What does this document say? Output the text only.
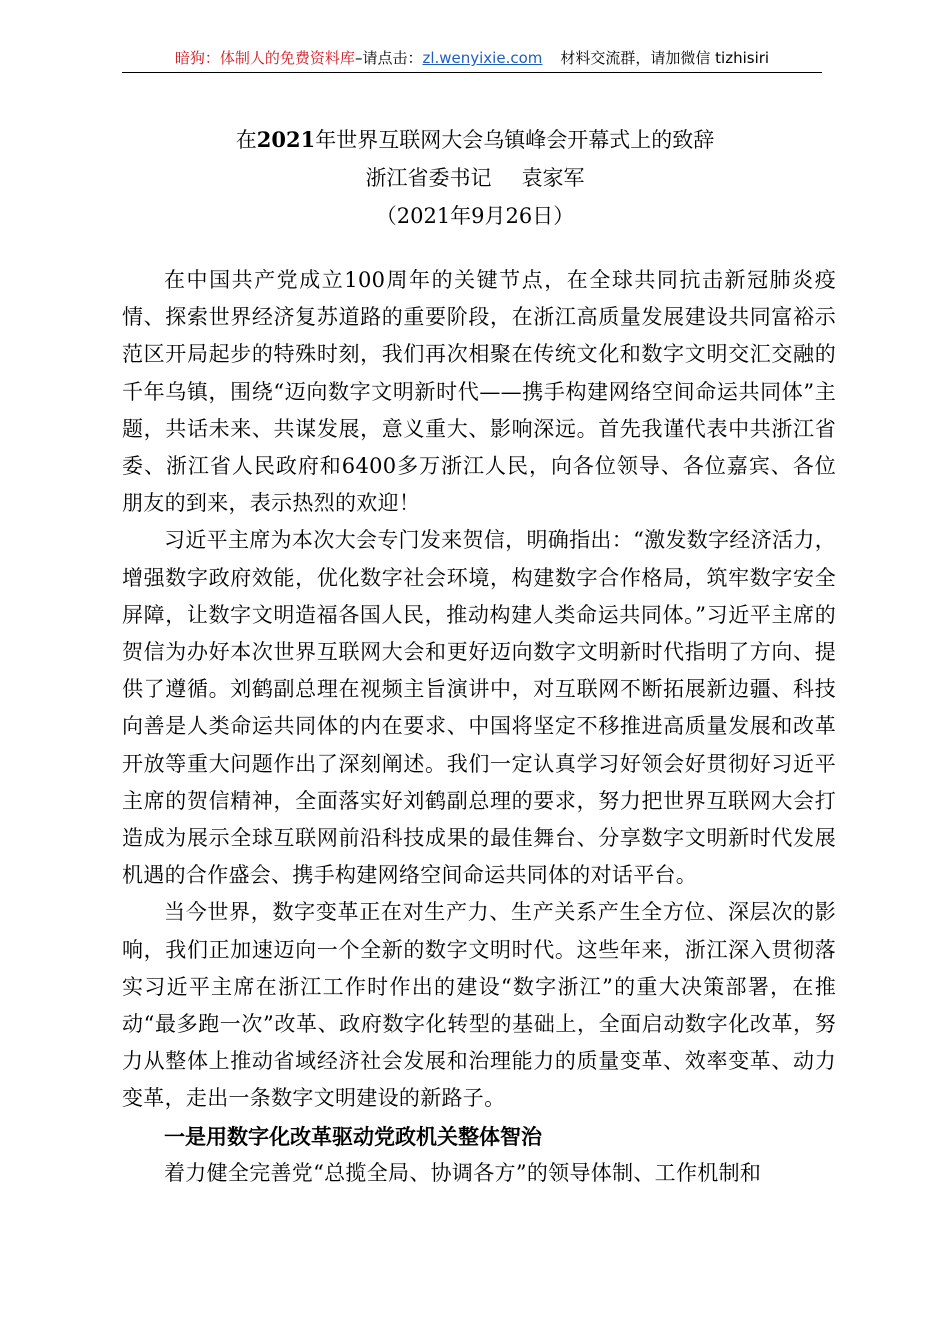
暗狗：体制人的免费资料库–请点击：zl.wenyixie.com 材料交流群，请加微信 tizhisiri
在2021年世界互联网大会乌镇峰会开幕式上的致辞
浙江省委书记 袁家军
（2021年9月26日）

在中国共产党成立100周年的关键节点，在全球共同抗击新冠肺炎疫情、探索世界经济复苏道路的重要阶段，在浙江高质量发展建设共同富裕示范区开局起步的特殊时刻，我们再次相聚在传统文化和数字文明交汇交融的千年乌镇，围绕“迈向数字文明新时代——携手构建网络空间命运共同体”主题，共话未来、共谋发展，意义重大、影响深远。首先我谨代表中共浙江省委、浙江省人民政府和6400多万浙江人民，向各位领导、各位嘉宾、各位朋友的到来，表示热烈的欢迎！

习近平主席为本次大会专门发来贺信，明确指出：“激发数字经济活力，增强数字政府效能，优化数字社会环境，构建数字合作格局，筑牢数字安全屏障，让数字文明造福各国人民，推动构建人类命运共同体。”习近平主席的贺信为办好本次世界互联网大会和更好迈向数字文明新时代指明了方向、提供了遵循。刘鹤副总理在视频主旨演讲中，对互联网不断拓展新边疆、科技向善是人类命运共同体的内在要求、中国将坚定不移推进高质量发展和改革开放等重大问题作出了深刻阐述。我们一定认真学习好领会好贯彻好习近平主席的贺信精神，全面落实好刘鹤副总理的要求，努力把世界互联网大会打造成为展示全球互联网前沿科技成果的最佳舞台、分享数字文明新时代发展机遇的合作盛会、携手构建网络空间命运共同体的对话平台。

当今世界，数字变革正在对生产力、生产关系产生全方位、深层次的影响，我们正加速迈向一个全新的数字文明时代。这些年来，浙江深入贯彻落实习近平主席在浙江工作时作出的建设“数字浙江”的重大决策部署，在推动“最多跑一次”改革、政府数字化转型的基础上，全面启动数字化改革，努力从整体上推动省域经济社会发展和治理能力的质量变革、效率变革、动力变革，走出一条数字文明建设的新路子。

一是用数字化改革驱动党政机关整体智治

着力健全完善党“总揽全局、协调各方”的领导体制、工作机制和
